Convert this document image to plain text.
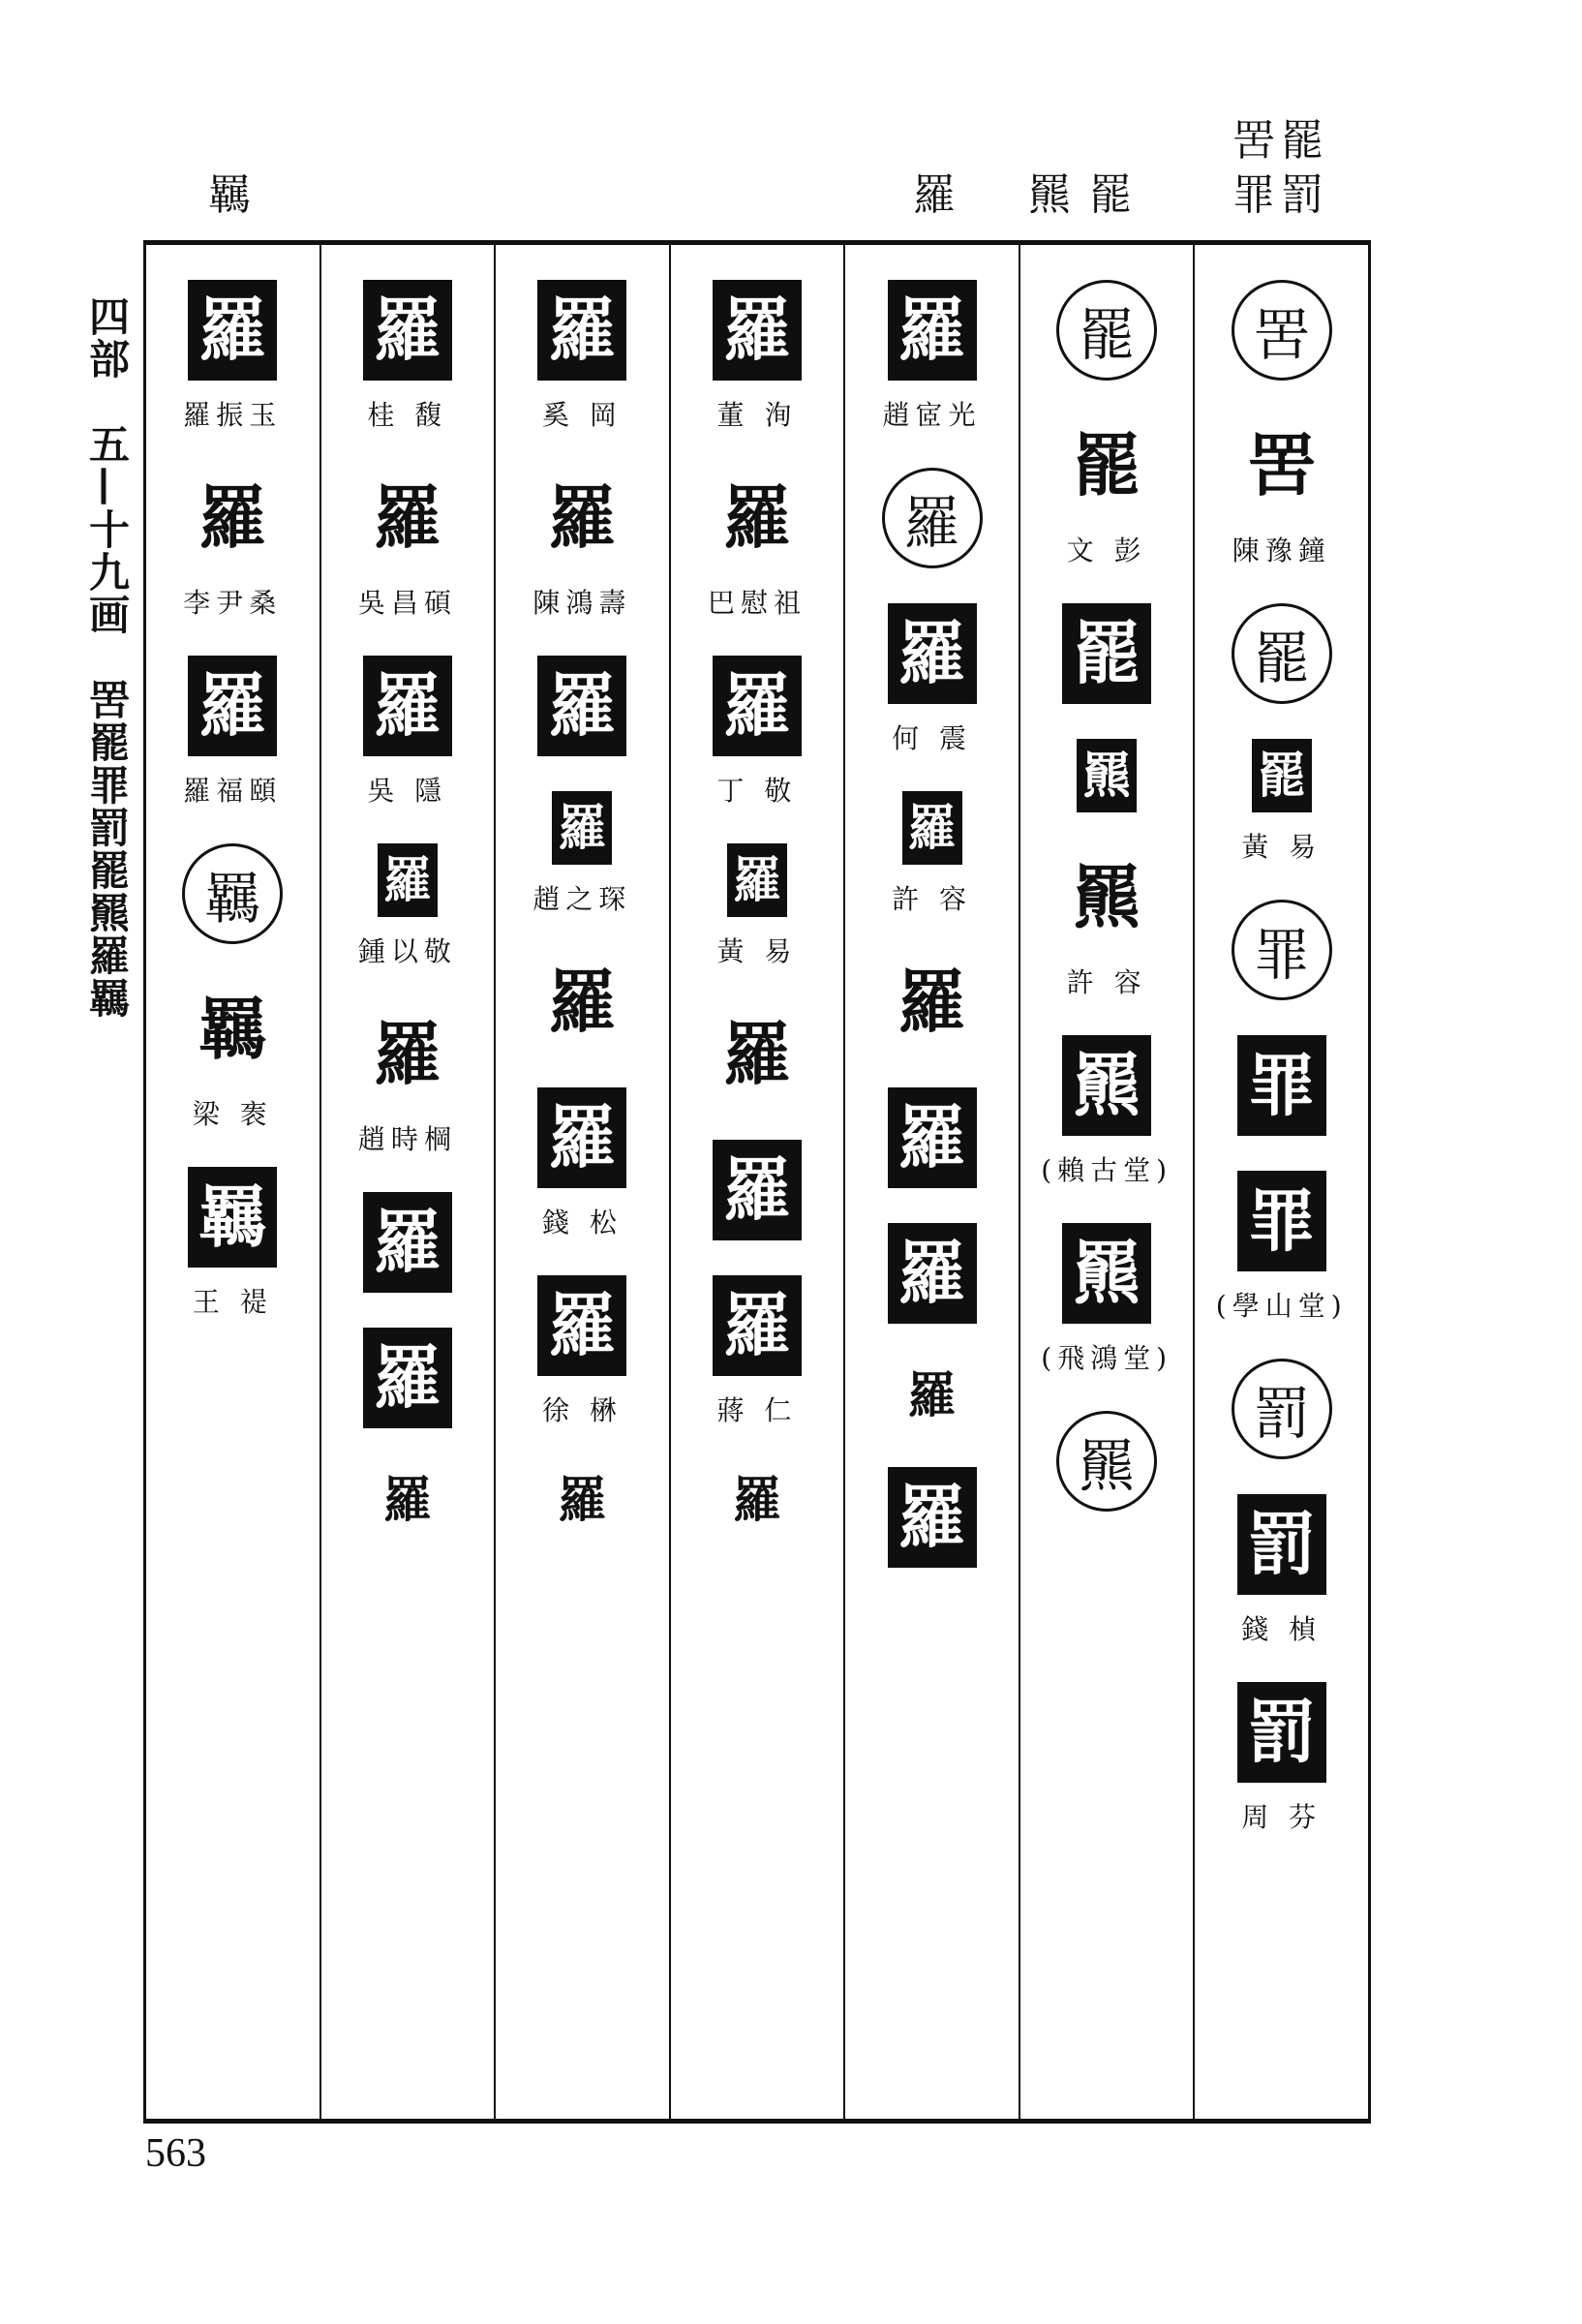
罟 罷
罪 罰
罷
羆
羅
羈
四部　五—十九画　罟罷罪罰罷羆羅羈	罟
罟
陳豫鐘
罷
罷
黃 易
罪
罪
罪
(學山堂)
罰
罰
錢 楨
罰
周 芬
罷
罷
文 彭
罷
羆
羆
許 容
羆
(賴古堂)
羆
(飛鴻堂)
羆
羅
趙宧光
羅
羅
何 震
羅
許 容
羅
羅
羅
羅
羅
羅
董 洵
羅
巴慰祖
羅
丁 敬
羅
黃 易
羅
羅
羅
蔣 仁
羅
羅
奚 岡
羅
陳鴻壽
羅
羅
趙之琛
羅
羅
錢 松
羅
徐 楙
羅
羅
桂 馥
羅
吳昌碩
羅
吳 隱
羅
鍾以敬
羅
趙時棡
羅
羅
羅
羅
羅振玉
羅
李尹桑
羅
羅福頤
羈
羈
梁 袠
羈
王 禔
563
